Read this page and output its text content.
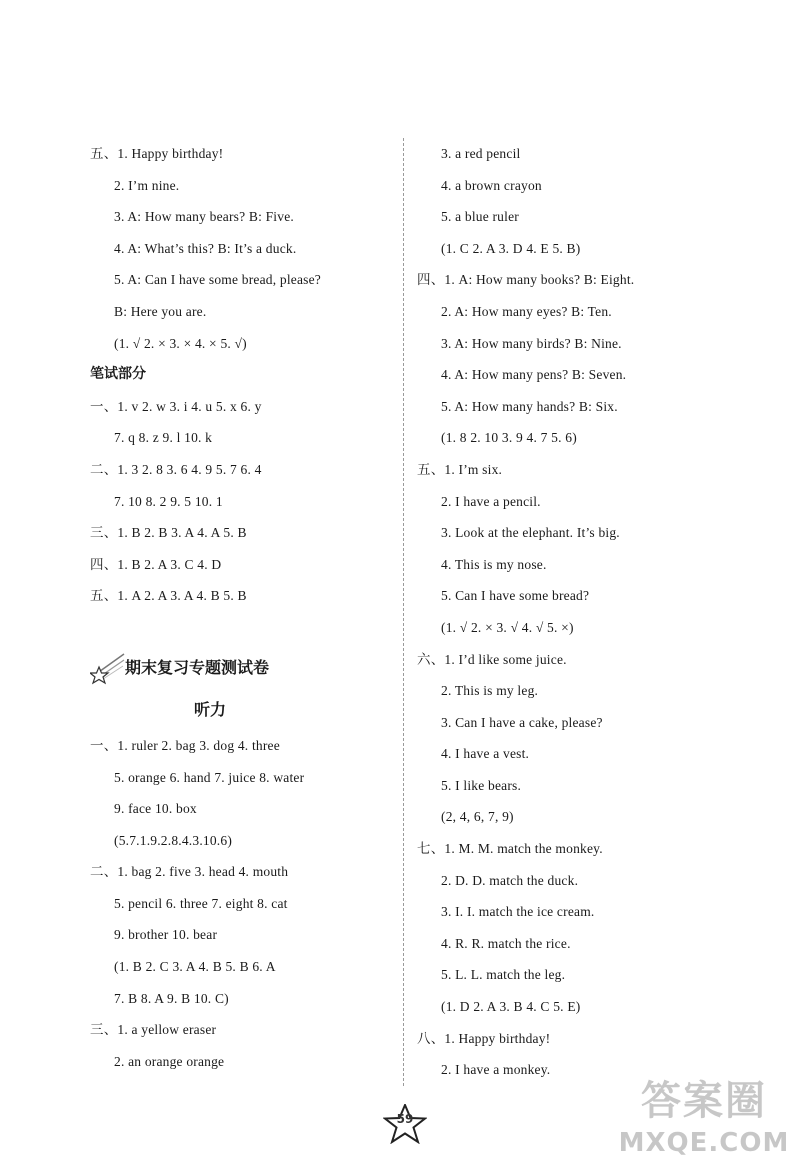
五、1. Happy birthday!
2. I’m nine.
3. A: How many bears? B: Five.
4. A: What’s this? B: It’s a duck.
5. A: Can I have some bread, please?
B: Here you are.
(1. √ 2. × 3. × 4. × 5. √)
笔试部分
一、1. v 2. w 3. i 4. u 5. x 6. y
7. q 8. z 9. l 10. k
二、1. 3 2. 8 3. 6 4. 9 5. 7 6. 4
7. 10 8. 2 9. 5 10. 1
三、1. B 2. B 3. A 4. A 5. B
四、1. B 2. A 3. C 4. D
五、1. A 2. A 3. A 4. B 5. B
期末复习专题测试卷
听力
一、1. ruler 2. bag 3. dog 4. three
5. orange 6. hand 7. juice 8. water
9. face 10. box
(5.7.1.9.2.8.4.3.10.6)
二、1. bag 2. five 3. head 4. mouth
5. pencil 6. three 7. eight 8. cat
9. brother 10. bear
(1. B 2. C 3. A 4. B 5. B 6. A
7. B 8. A 9. B 10. C)
三、1. a yellow eraser
2. an orange orange
3. a red pencil
4. a brown crayon
5. a blue ruler
(1. C 2. A 3. D 4. E 5. B)
四、1. A: How many books? B: Eight.
2. A: How many eyes? B: Ten.
3. A: How many birds? B: Nine.
4. A: How many pens? B: Seven.
5. A: How many hands? B: Six.
(1. 8 2. 10 3. 9 4. 7 5. 6)
五、1. I’m six.
2. I have a pencil.
3. Look at the elephant. It’s big.
4. This is my nose.
5. Can I have some bread?
(1. √ 2. × 3. √ 4. √ 5. ×)
六、1. I’d like some juice.
2. This is my leg.
3. Can I have a cake, please?
4. I have a vest.
5. I like bears.
(2, 4, 6, 7, 9)
七、1. M. M. match the monkey.
2. D. D. match the duck.
3. I. I. match the ice cream.
4. R. R. match the rice.
5. L. L. match the leg.
(1. D 2. A 3. B 4. C 5. E)
八、1. Happy birthday!
2. I have a monkey.
59	答案圈
MXQE.COM
